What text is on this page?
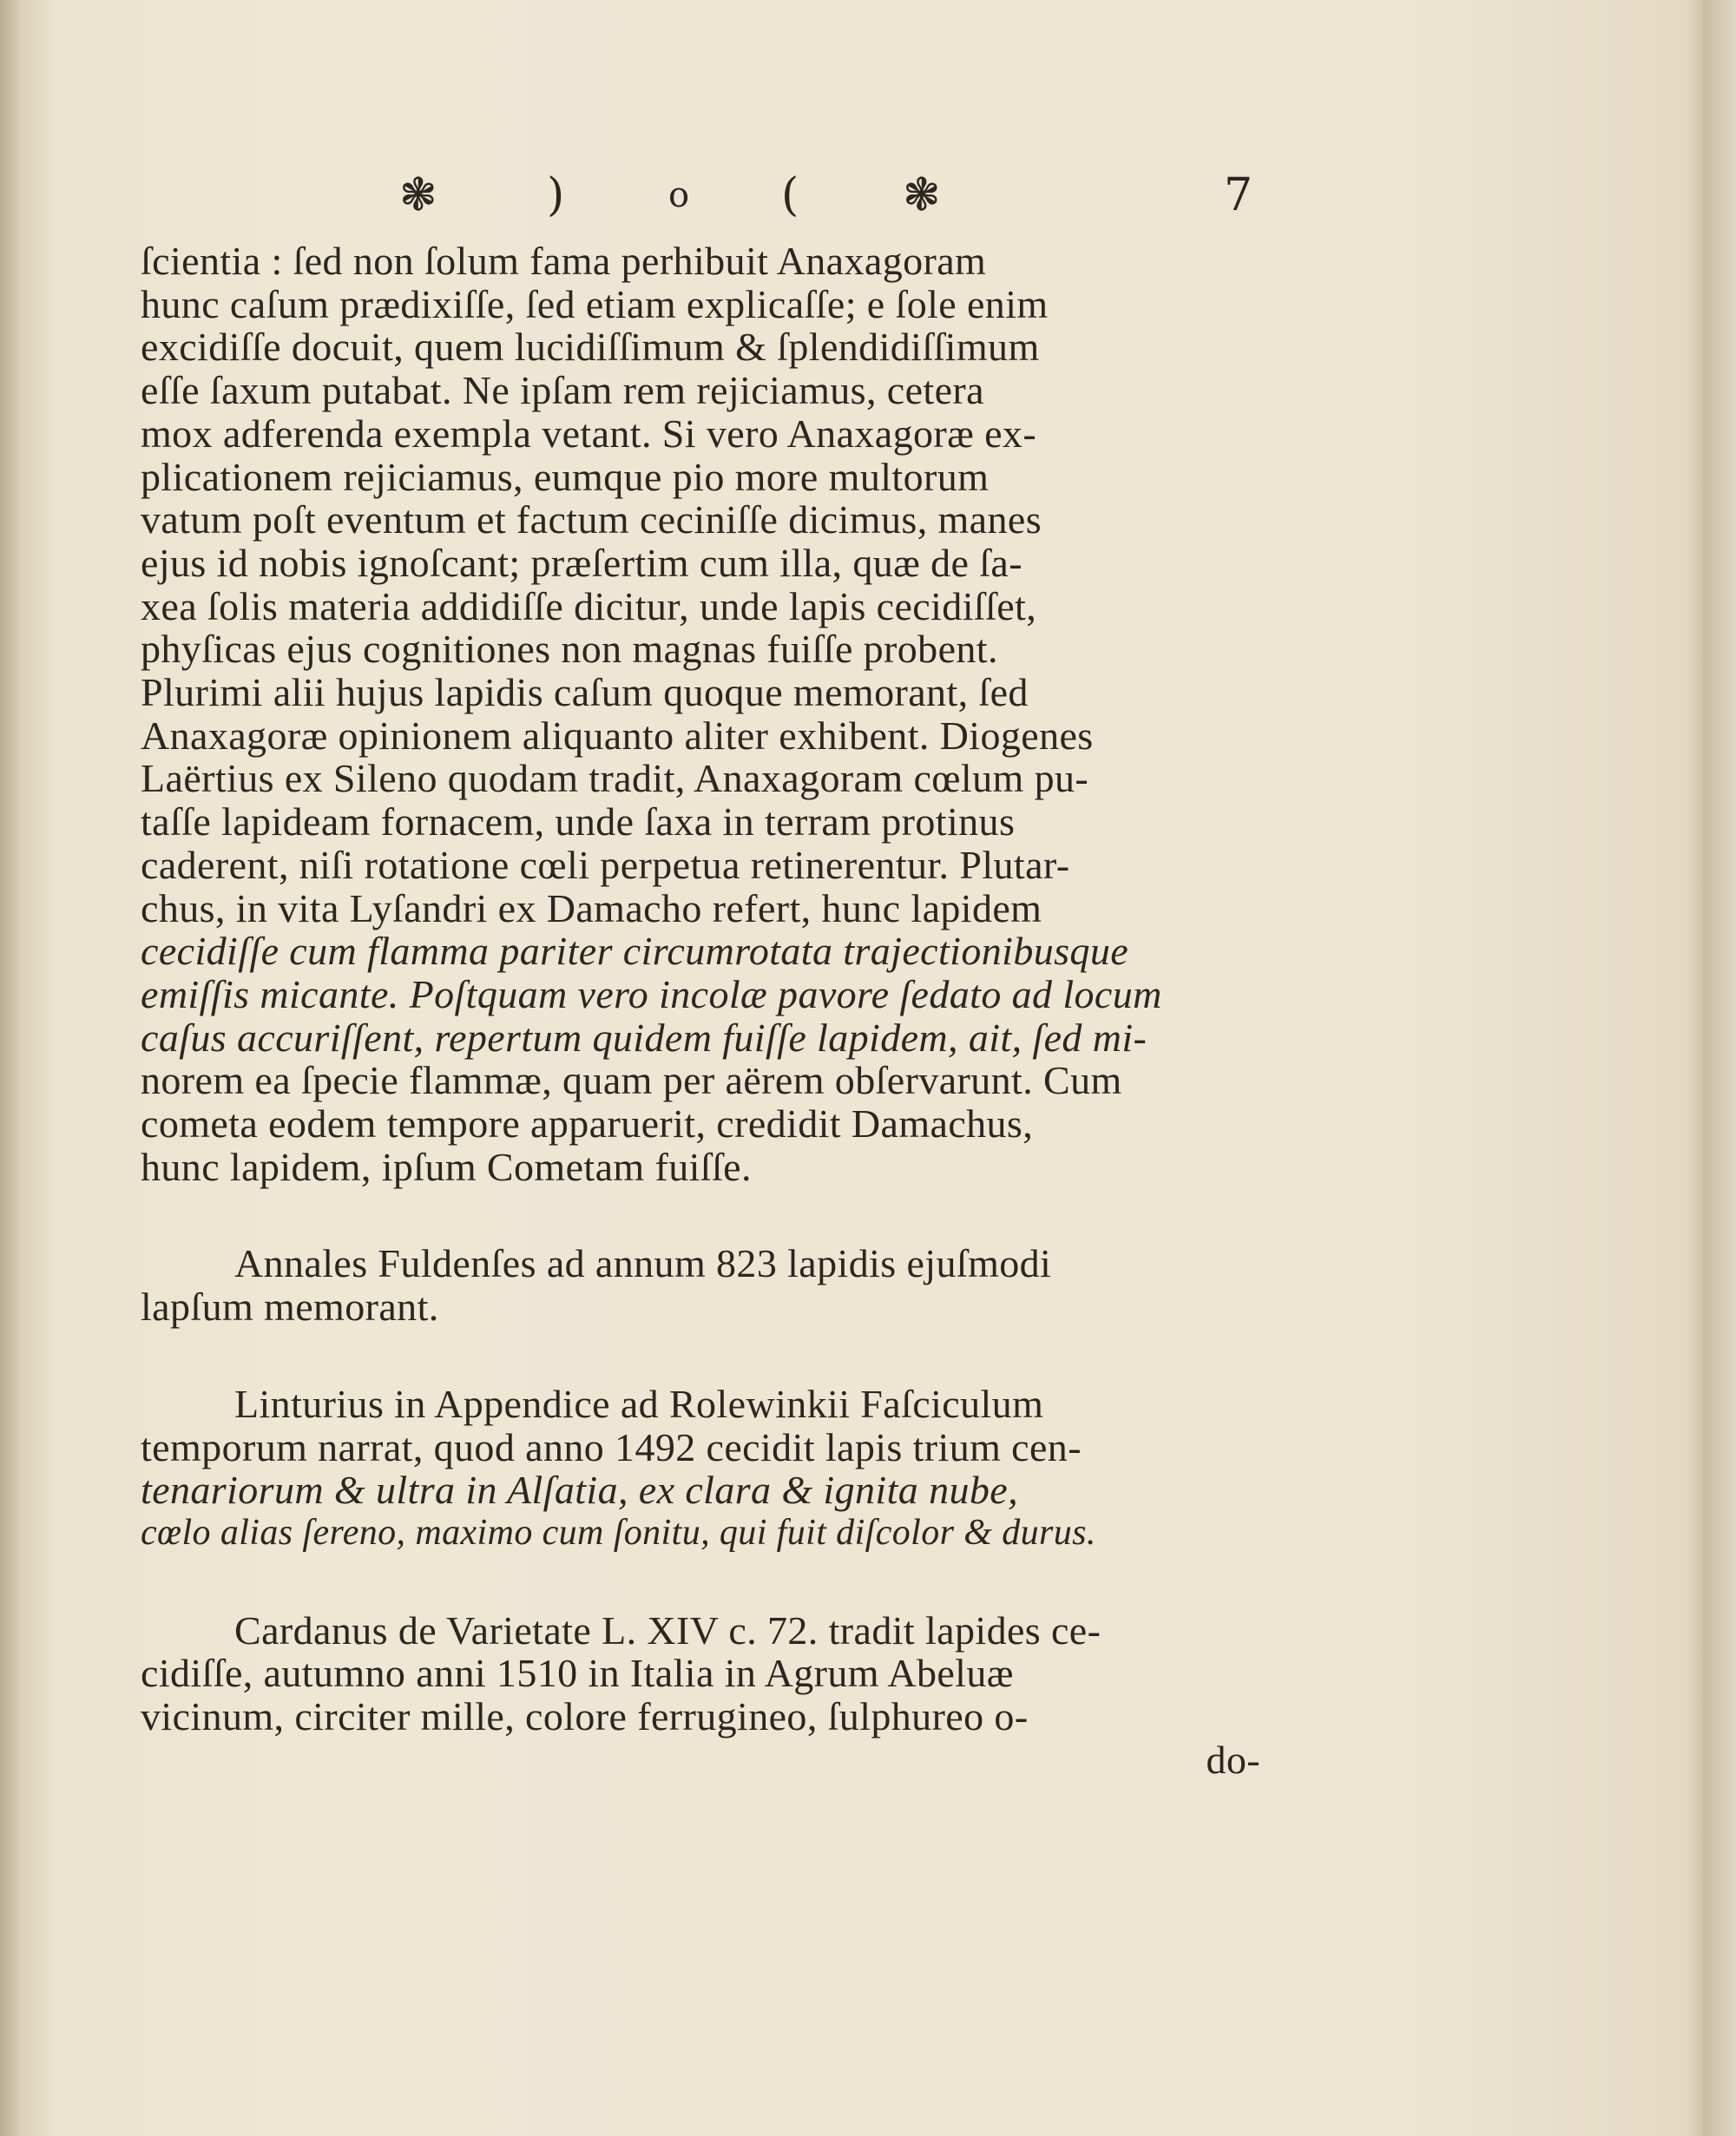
❃ )	o ( ❃	7
ſcientia : ſed non ſolum fama perhibuit Anaxagoram
hunc caſum prædixiſſe, ſed etiam explicaſſe; e ſole enim
excidiſſe docuit, quem lucidiſſimum & ſplendidiſſimum
eſſe ſaxum putabat. Ne ipſam rem rejiciamus, cetera
mox adferenda exempla vetant. Si vero Anaxagoræ ex-
plicationem rejiciamus, eumque pio more multorum
vatum poſt eventum et factum ceciniſſe dicimus, manes
ejus id nobis ignoſcant; præſertim cum illa, quæ de ſa-
xea ſolis materia addidiſſe dicitur, unde lapis cecidiſſet,
phyſicas ejus cognitiones non magnas fuiſſe probent.
Plurimi alii hujus lapidis caſum quoque memorant, ſed
Anaxagoræ opinionem aliquanto aliter exhibent. Diogenes
Laërtius ex Sileno quodam tradit, Anaxagoram cœlum pu-
taſſe lapideam fornacem, unde ſaxa in terram protinus
caderent, niſi rotatione cœli perpetua retinerentur. Plutar-
chus, in vita Lyſandri ex Damacho refert, hunc lapidem
cecidiſſe cum flamma pariter circumrotata trajectionibusque
emiſſis micante. Poſtquam vero incolæ pavore ſedato ad locum
caſus accuriſſent, repertum quidem fuiſſe lapidem, ait, ſed mi-
norem ea ſpecie flammæ, quam per aërem obſervarunt. Cum
cometa eodem tempore apparuerit, credidit Damachus,
hunc lapidem, ipſum Cometam fuiſſe.
Annales Fuldenſes ad annum 823 lapidis ejuſmodi
lapſum memorant.
Linturius in Appendice ad Rolewinkii Faſciculum
temporum narrat, quod anno 1492 cecidit lapis trium cen-
tenariorum & ultra in Alſatia, ex clara & ignita nube,
cœlo alias ſereno, maximo cum ſonitu, qui fuit diſcolor & durus.
Cardanus de Varietate L. XIV c. 72. tradit lapides ce-
cidiſſe, autumno anni 1510 in Italia in Agrum Abeluæ
vicinum, circiter mille, colore ferrugineo, ſulphureo o-
do-
